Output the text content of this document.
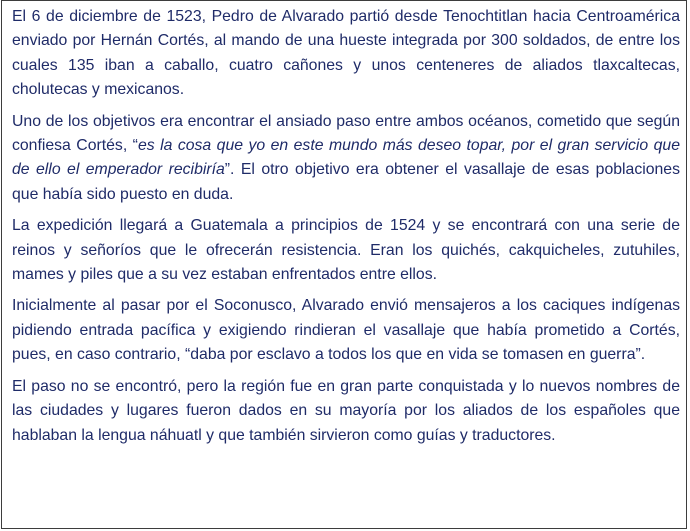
El 6 de diciembre de 1523, Pedro de Alvarado partió desde Tenochtitlan hacia Centroamérica enviado por Hernán Cortés, al mando de una hueste integrada por 300 soldados, de entre los cuales 135 iban a caballo, cuatro cañones y unos centeneres de aliados tlaxcaltecas, cholutecas y mexicanos.

Uno de los objetivos era encontrar el ansiado paso entre ambos océanos, cometido que según confiesa Cortés, “es la cosa que yo en este mundo más deseo topar, por el gran servicio que de ello el emperador recibiría”. El otro objetivo era obtener el vasallaje de esas poblaciones que había sido puesto en duda.

La expedición llegará a Guatemala a principios de 1524 y se encontrará con una serie de reinos y señoríos que le ofrecerán resistencia. Eran los quichés, cakquicheles, zutuhiles, mames y piles que a su vez estaban enfrentados entre ellos.

Inicialmente al pasar por el Soconusco, Alvarado envió mensajeros a los caciques indígenas pidiendo entrada pacífica y exigiendo rindieran el vasallaje que había prometido a Cortés, pues, en caso contrario, “daba por esclavo a todos los que en vida se tomasen en guerra”.

El paso no se encontró, pero la región fue en gran parte conquistada y lo nuevos nombres de las ciudades y lugares fueron dados en su mayoría por los aliados de los españoles que hablaban la lengua náhuatl y que también sirvieron como guías y traductores.
